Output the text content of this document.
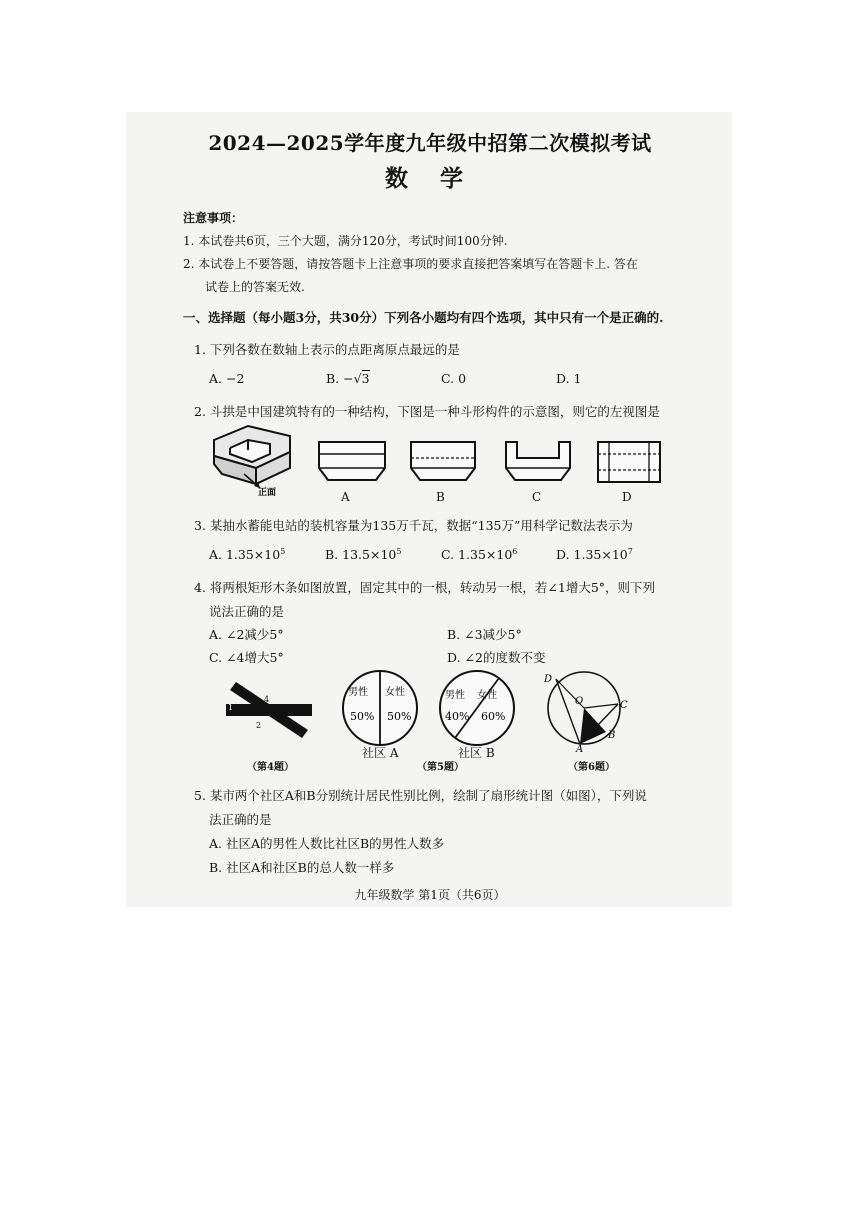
2024—2025学年度九年级中招第二次模拟考试
数 学
注意事项：
1. 本试卷共6页，三个大题，满分120分，考试时间100分钟.
2. 本试卷上不要答题，请按答题卡上注意事项的要求直接把答案填写在答题卡上. 答在
试卷上的答案无效.
一、选择题（每小题3分，共30分）下列各小题均有四个选项，其中只有一个是正确的.
1. 下列各数在数轴上表示的点距离原点最远的是
A. −2	B. −√3	C. 0	D. 1
2. 斗拱是中国建筑特有的一种结构，下图是一种斗形构件的示意图，则它的左视图是
正面	A	B	C	D
3. 某抽水蓄能电站的装机容量为135万千瓦，数据“135万”用科学记数法表示为
A. $1.35\times 10^5$	B. $13.5\times 10^5$	C. $1.35\times 10^6$	D. $1.35\times 10^7$
4. 将两根矩形木条如图放置，固定其中的一根，转动另一根，若∠1增大5°，则下列
说法正确的是
A. ∠2减少5°	B. ∠3减少5°
C. ∠4增大5°	D. ∠2的度数不变
1
2	3
4
（第4题）
男性 女性
50% 50%
社区 A
男性 女性
40% 60%
社区 B
（第5题）
D
O	C
B
A
（第6题）
5. 某市两个社区A和B分别统计居民性别比例，绘制了扇形统计图（如图），下列说
法正确的是
A. 社区A的男性人数比社区B的男性人数多
B. 社区A和社区B的总人数一样多
九年级数学 第1页（共6页）
